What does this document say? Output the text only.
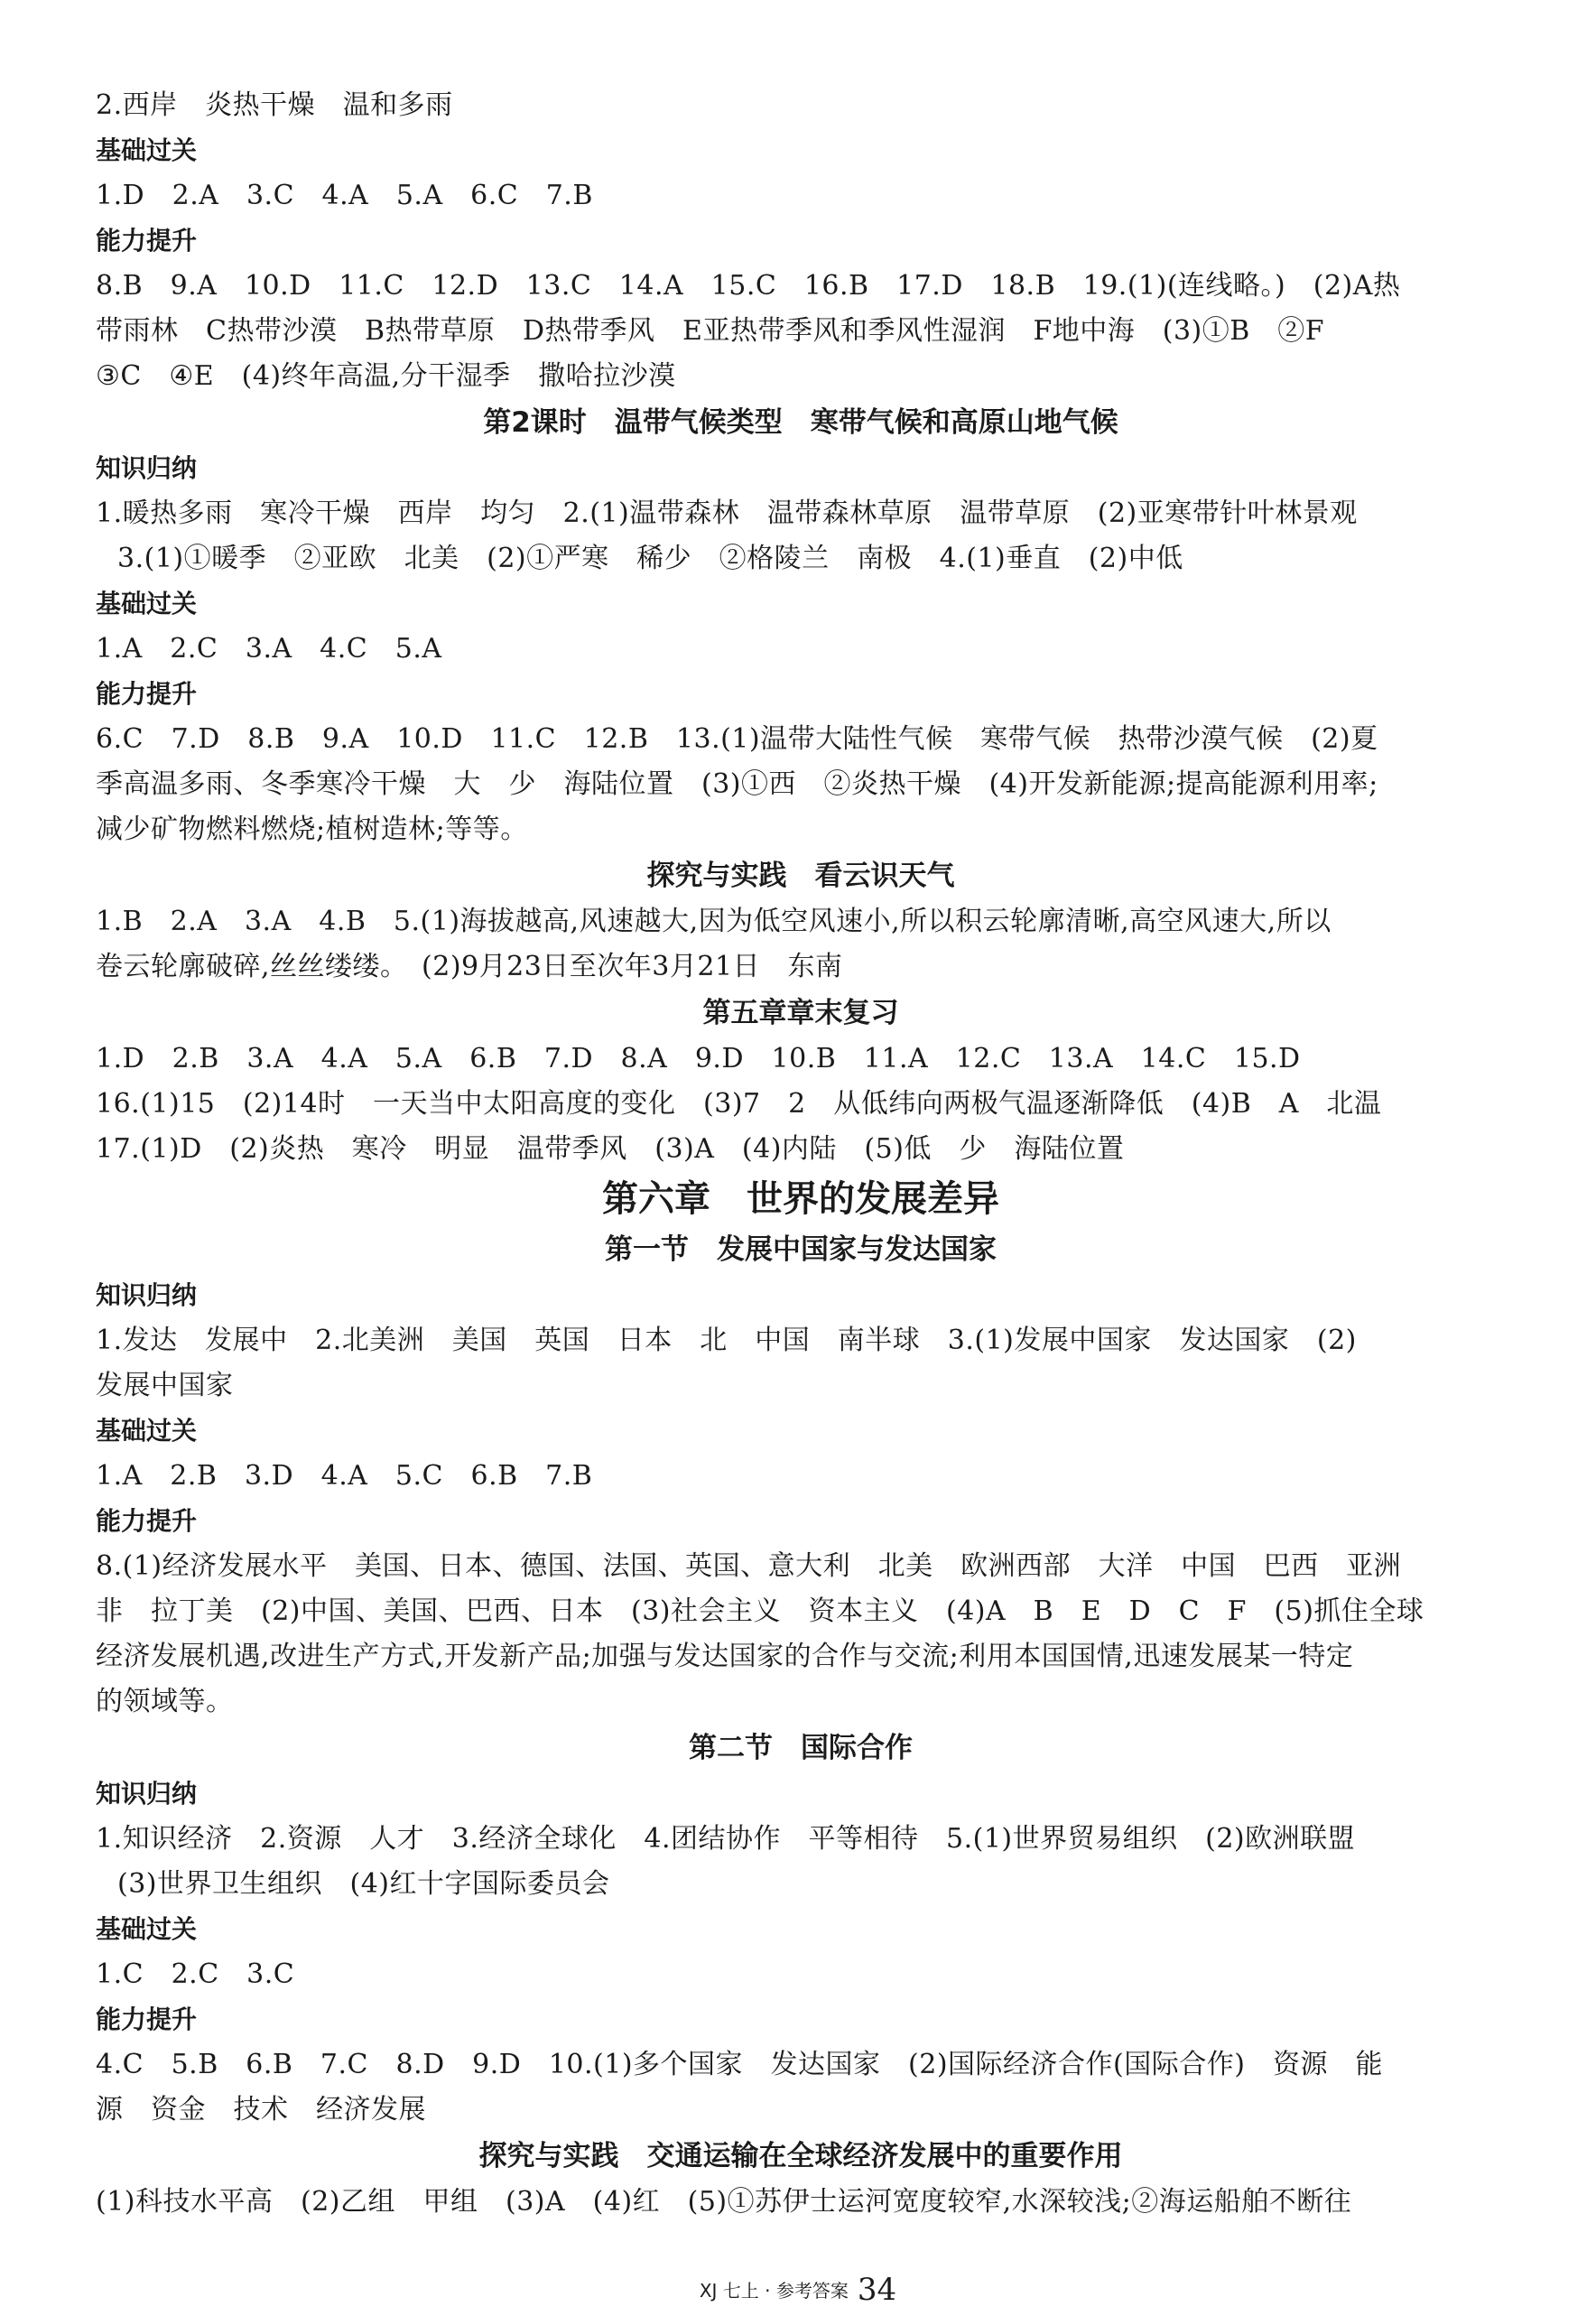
2.西岸　炎热干燥　温和多雨
基础过关
1.D　2.A　3.C　4.A　5.A　6.C　7.B
能力提升
8.B　9.A　10.D　11.C　12.D　13.C　14.A　15.C　16.B　17.D　18.B　19.(1)(连线略。)　(2)A热
带雨林　C热带沙漠　B热带草原　D热带季风　E亚热带季风和季风性湿润　F地中海　(3)①B　②F
③C　④E　(4)终年高温,分干湿季　撒哈拉沙漠
第2课时　温带气候类型　寒带气候和高原山地气候
知识归纳
1.暖热多雨　寒冷干燥　西岸　均匀　2.(1)温带森林　温带森林草原　温带草原　(2)亚寒带针叶林景观
3.(1)①暖季　②亚欧　北美　(2)①严寒　稀少　②格陵兰　南极　4.(1)垂直　(2)中低
基础过关
1.A　2.C　3.A　4.C　5.A
能力提升
6.C　7.D　8.B　9.A　10.D　11.C　12.B　13.(1)温带大陆性气候　寒带气候　热带沙漠气候　(2)夏
季高温多雨、冬季寒冷干燥　大　少　海陆位置　(3)①西　②炎热干燥　(4)开发新能源;提高能源利用率;
减少矿物燃料燃烧;植树造林;等等。
探究与实践　看云识天气
1.B　2.A　3.A　4.B　5.(1)海拔越高,风速越大,因为低空风速小,所以积云轮廓清晰,高空风速大,所以
卷云轮廓破碎,丝丝缕缕。　(2)9月23日至次年3月21日　东南
第五章章末复习
1.D　2.B　3.A　4.A　5.A　6.B　7.D　8.A　9.D　10.B　11.A　12.C　13.A　14.C　15.D
16.(1)15　(2)14时　一天当中太阳高度的变化　(3)7　2　从低纬向两极气温逐渐降低　(4)B　A　北温
17.(1)D　(2)炎热　寒冷　明显　温带季风　(3)A　(4)内陆　(5)低　少　海陆位置
第六章　世界的发展差异
第一节　发展中国家与发达国家
知识归纳
1.发达　发展中　2.北美洲　美国　英国　日本　北　中国　南半球　3.(1)发展中国家　发达国家　(2)
发展中国家
基础过关
1.A　2.B　3.D　4.A　5.C　6.B　7.B
能力提升
8.(1)经济发展水平　美国、日本、德国、法国、英国、意大利　北美　欧洲西部　大洋　中国　巴西　亚洲
非　拉丁美　(2)中国、美国、巴西、日本　(3)社会主义　资本主义　(4)A　B　E　D　C　F　(5)抓住全球
经济发展机遇,改进生产方式,开发新产品;加强与发达国家的合作与交流;利用本国国情,迅速发展某一特定
的领域等。
第二节　国际合作
知识归纳
1.知识经济　2.资源　人才　3.经济全球化　4.团结协作　平等相待　5.(1)世界贸易组织　(2)欧洲联盟
(3)世界卫生组织　(4)红十字国际委员会
基础过关
1.C　2.C　3.C
能力提升
4.C　5.B　6.B　7.C　8.D　9.D　10.(1)多个国家　发达国家　(2)国际经济合作(国际合作)　资源　能
源　资金　技术　经济发展
探究与实践　交通运输在全球经济发展中的重要作用
(1)科技水平高　(2)乙组　甲组　(3)A　(4)红　(5)①苏伊士运河宽度较窄,水深较浅;②海运船舶不断往
XJ 七上 · 参考答案 34
